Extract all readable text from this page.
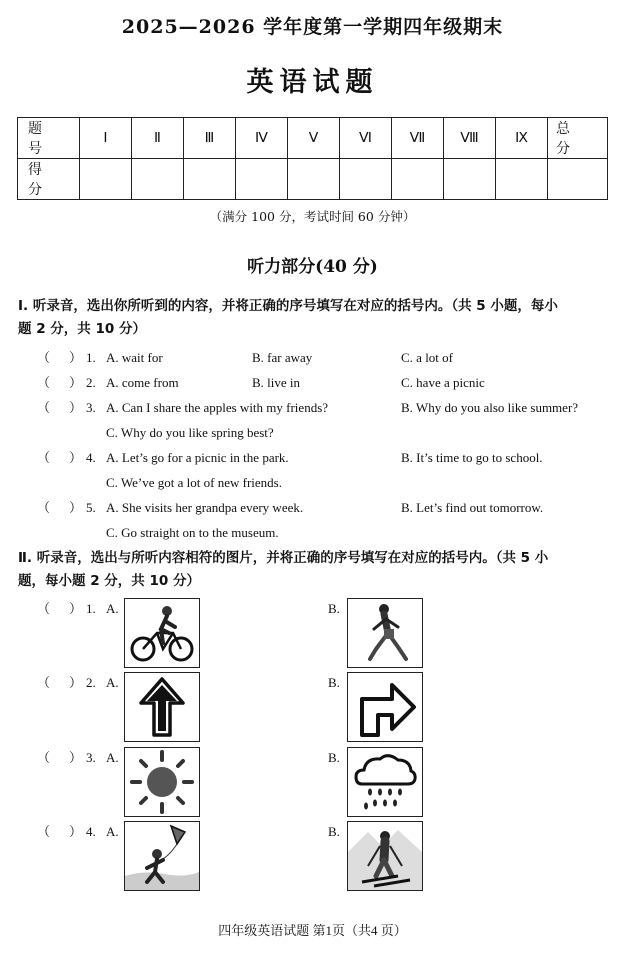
2025—2026 学年度第一学期四年级期末
英语试题
题 号	Ⅰ	Ⅱ	Ⅲ	Ⅳ	Ⅴ	Ⅵ	Ⅶ	Ⅷ	Ⅸ	总 分
得 分										
（满分 100 分，考试时间 60 分钟）
听力部分(40 分)
Ⅰ. 听录音，选出你所听到的内容，并将正确的序号填写在对应的括号内。（共 5 小题，每小
题 2 分，共 10 分）
（ ） 1. A. wait for	B. far away	C. a lot of
（ ） 2. A. come from	B. live in	C. have a picnic
（ ） 3. A. Can I share the apples with my friends?	B. Why do you also like summer?
C. Why do you like spring best?
（ ） 4. A. Let’s go for a picnic in the park.	B. It’s time to go to school.
C. We’ve got a lot of new friends.
（ ） 5. A. She visits her grandpa every week.	B. Let’s find out tomorrow.
C. Go straight on to the museum.
Ⅱ. 听录音，选出与所听内容相符的图片，并将正确的序号填写在对应的括号内。（共 5 小
题，每小题 2 分，共 10 分）
（ ） 1. A.	B.
（ ） 2. A.	B.
（ ） 3. A.	B.
（ ） 4. A.	B.
四年级英语试题 第1页（共4 页）
